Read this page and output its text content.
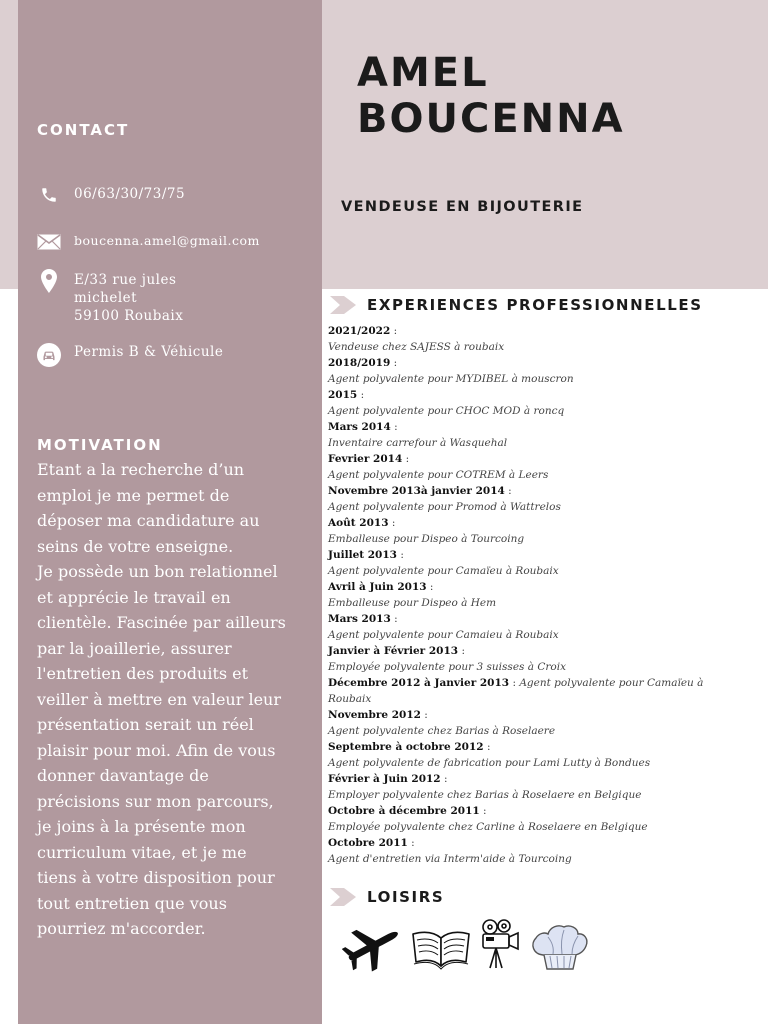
CONTACT
06/63/30/73/75
boucenna.amel@gmail.com
E/33 rue jules
michelet
59100 Roubaix
Permis B & Véhicule
MOTIVATION

Etant a la recherche d’un
emploi je me permet de
déposer ma candidature au
seins de votre enseigne.
Je possède un bon relationnel
et apprécie le travail en
clientèle. Fascinée par ailleurs
par la joaillerie, assurer
l'entretien des produits et
veiller à mettre en valeur leur
présentation serait un réel
plaisir pour moi. Afin de vous
donner davantage de
précisions sur mon parcours,
je joins à la présente mon
curriculum vitae, et je me
tiens à votre disposition pour
tout entretien que vous
pourriez m'accorder.

AMEL
BOUCENNA
VENDEUSE EN BIJOUTERIE
EXPERIENCES PROFESSIONNELLES
2021/2022 :
Vendeuse chez SAJESS à roubaix
2018/2019 :
Agent polyvalente pour MYDIBEL à mouscron
2015 :
Agent polyvalente pour CHOC MOD à roncq
Mars 2014 :
Inventaire carrefour à Wasquehal
Fevrier 2014 :
Agent polyvalente pour COTREM à Leers
Novembre 2013à janvier 2014 :
Agent polyvalente pour Promod à Wattrelos
Août 2013 :
Emballeuse pour Dispeo à Tourcoing
Juillet 2013 :
Agent polyvalente pour Camaïeu à Roubaix
Avril à Juin 2013 :
Emballeuse pour Dispeo à Hem
Mars 2013 :
Agent polyvalente pour Camaieu à Roubaix
Janvier à Février 2013 :
Employée polyvalente pour 3 suisses à Croix
Décembre 2012 à Janvier 2013 : Agent polyvalente pour Camaïeu à Roubaix
Novembre 2012 :
Agent polyvalente chez Barias à Roselaere
Septembre à octobre 2012 :
Agent polyvalente de fabrication pour Lami Lutty à Bondues
Février à Juin 2012 :
Employer polyvalente chez Barias à Roselaere en Belgique
Octobre à décembre 2011 :
Employée polyvalente chez Carline à Roselaere en Belgique
Octobre 2011 :
Agent d'entretien via Interm'aide à Tourcoing
LOISIRS
